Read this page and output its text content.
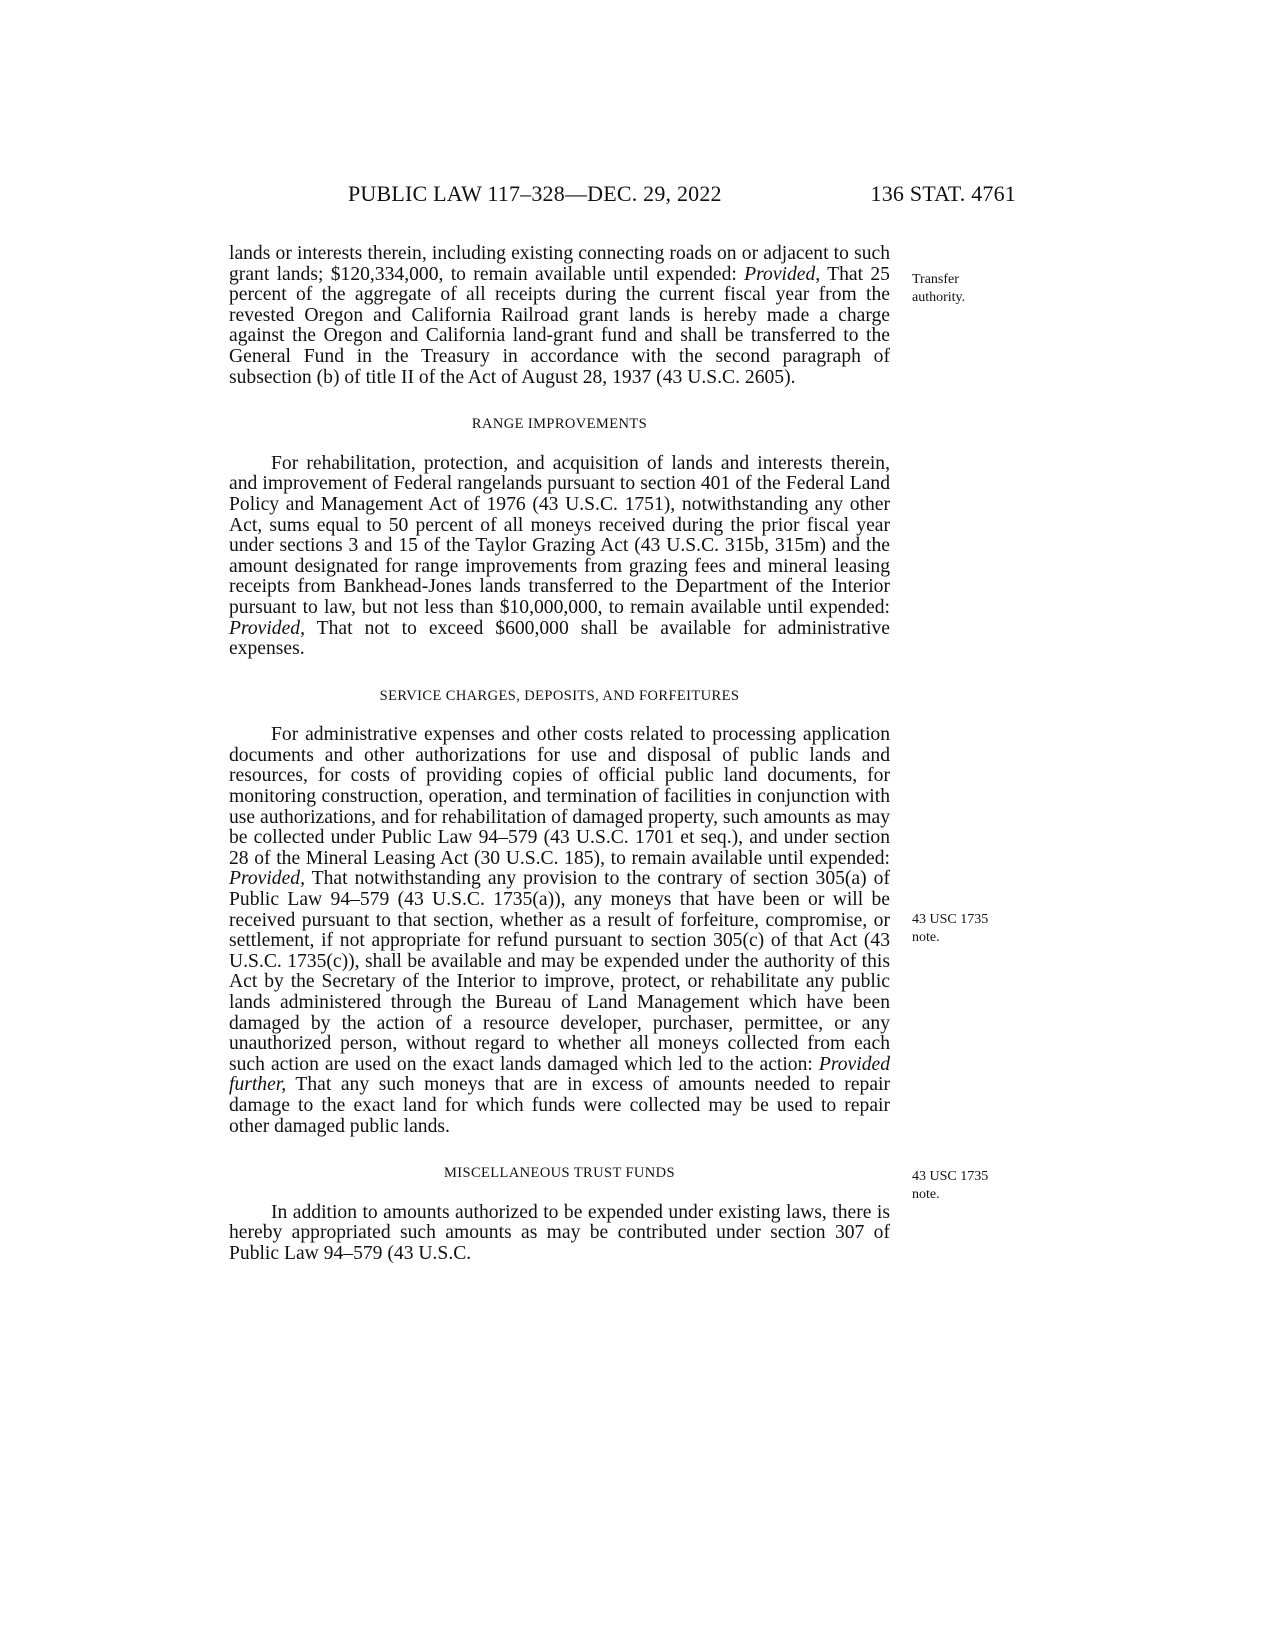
PUBLIC LAW 117–328—DEC. 29, 2022	136 STAT. 4761
Transfer
authority.
43 USC 1735
note.
43 USC 1735
note.

lands or interests therein, including existing connecting roads on or adjacent to such grant lands; $120,334,000, to remain available until expended: Provided, That 25 percent of the aggregate of all receipts during the current fiscal year from the revested Oregon and California Railroad grant lands is hereby made a charge against the Oregon and California land-grant fund and shall be transferred to the General Fund in the Treasury in accordance with the second paragraph of subsection (b) of title II of the Act of August 28, 1937 (43 U.S.C. 2605).

RANGE IMPROVEMENTS

For rehabilitation, protection, and acquisition of lands and interests therein, and improvement of Federal rangelands pursuant to section 401 of the Federal Land Policy and Management Act of 1976 (43 U.S.C. 1751), notwithstanding any other Act, sums equal to 50 percent of all moneys received during the prior fiscal year under sections 3 and 15 of the Taylor Grazing Act (43 U.S.C. 315b, 315m) and the amount designated for range improvements from grazing fees and mineral leasing receipts from Bankhead-Jones lands transferred to the Department of the Interior pursuant to law, but not less than $10,000,000, to remain available until expended: Provided, That not to exceed $600,000 shall be available for administrative expenses.

SERVICE CHARGES, DEPOSITS, AND FORFEITURES

For administrative expenses and other costs related to processing application documents and other authorizations for use and disposal of public lands and resources, for costs of providing copies of official public land documents, for monitoring construction, operation, and termination of facilities in conjunction with use authorizations, and for rehabilitation of damaged property, such amounts as may be collected under Public Law 94–579 (43 U.S.C. 1701 et seq.), and under section 28 of the Mineral Leasing Act (30 U.S.C. 185), to remain available until expended: Provided, That notwithstanding any provision to the contrary of section 305(a) of Public Law 94–579 (43 U.S.C. 1735(a)), any moneys that have been or will be received pursuant to that section, whether as a result of forfeiture, compromise, or settlement, if not appropriate for refund pursuant to section 305(c) of that Act (43 U.S.C. 1735(c)), shall be available and may be expended under the authority of this Act by the Secretary of the Interior to improve, protect, or rehabilitate any public lands administered through the Bureau of Land Management which have been damaged by the action of a resource developer, purchaser, permittee, or any unauthorized person, without regard to whether all moneys collected from each such action are used on the exact lands damaged which led to the action: Provided further, That any such moneys that are in excess of amounts needed to repair damage to the exact land for which funds were collected may be used to repair other damaged public lands.

MISCELLANEOUS TRUST FUNDS

In addition to amounts authorized to be expended under existing laws, there is hereby appropriated such amounts as may be contributed under section 307 of Public Law 94–579 (43 U.S.C.
